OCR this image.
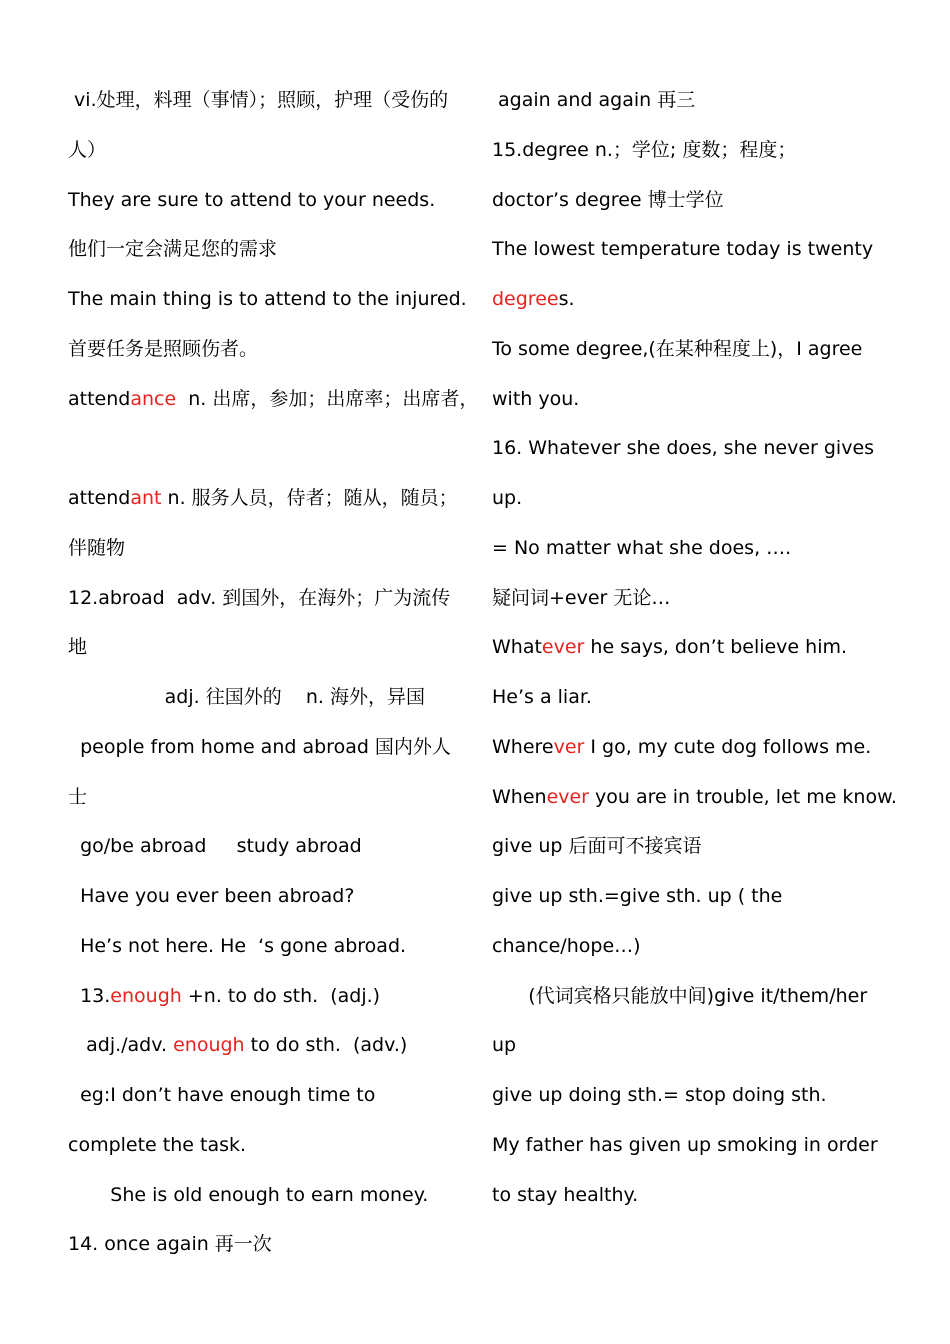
vi.处理，料理（事情）；照顾，护理（受伤的
人）
They are sure to attend to your needs.
他们一定会满足您的需求
The main thing is to attend to the injured.
首要任务是照顾伤者。
attendance  n. 出席，参加；出席率；出席者，
attendant n. 服务人员，侍者；随从，随员；
伴随物
12.abroad  adv. 到国外，在海外；广为流传
地
adj. 往国外的    n. 海外，异国
people from home and abroad 国内外人
士
go/be abroad     study abroad
Have you ever been abroad?
He’s not here. He  ‘s gone abroad.
13.enough +n. to do sth.  (adj.)
adj./adv. enough to do sth.  (adv.)
eg:I don’t have enough time to
complete the task.
She is old enough to earn money.
14. once again 再一次
again and again 再三
15.degree n.；学位; 度数；程度；
doctor’s degree 博士学位
The lowest temperature today is twenty
degrees.
To some degree,(在某种程度上)，I agree
with you.
16. Whatever she does, she never gives
up.
= No matter what she does, ….
疑问词+ever 无论…
Whatever he says, don’t believe him.
He’s a liar.
Wherever I go, my cute dog follows me.
Whenever you are in trouble, let me know.
give up 后面可不接宾语
give up sth.=give sth. up ( the
chance/hope…)
(代词宾格只能放中间)give it/them/her
up
give up doing sth.= stop doing sth.
My father has given up smoking in order
to stay healthy.
